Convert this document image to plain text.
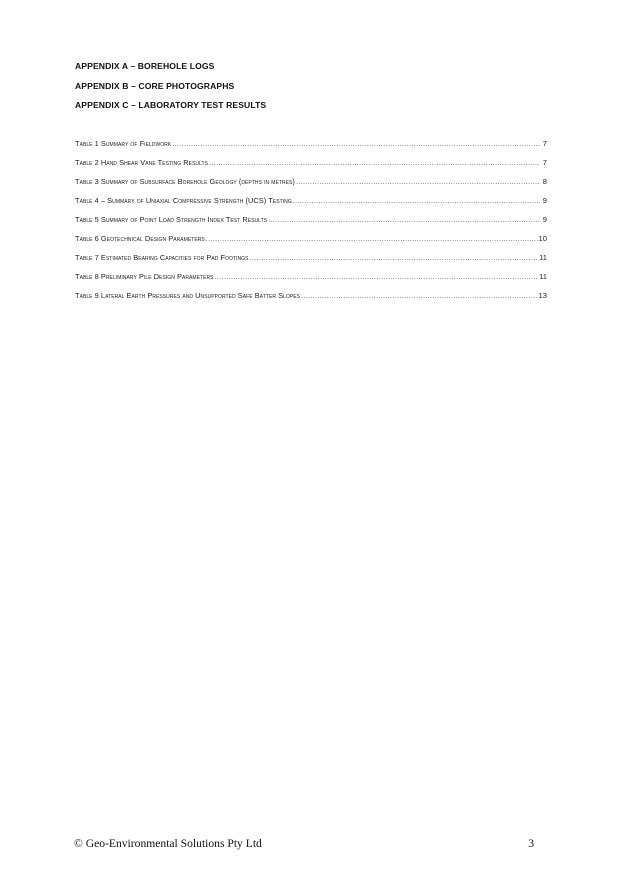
APPENDIX A – BOREHOLE LOGS
APPENDIX B – CORE PHOTOGRAPHS
APPENDIX C – LABORATORY TEST RESULTS
Table 1 Summary of Fieldwork .....	7
Table 2 Hand Shear Vane Testing Results .....	7
Table 3 Summary of Subsurface Borehole Geology (depths in metres) .....	8
Table 4 – Summary of Uniaxial Compressive Strength (UCS) Testing .....	9
Table 5 Summary of Point Load Strength Index Test Results .....	9
Table 6 Geotechnical Design Parameters .....	10
Table 7 Estimated Bearing Capacities for Pad Footings .....	11
Table 8 Preliminary Pile Design Parameters .....	11
Table 9 Lateral Earth Pressures and Unsupported Safe Batter Slopes .....	13
© Geo-Environmental Solutions Pty Ltd	3
